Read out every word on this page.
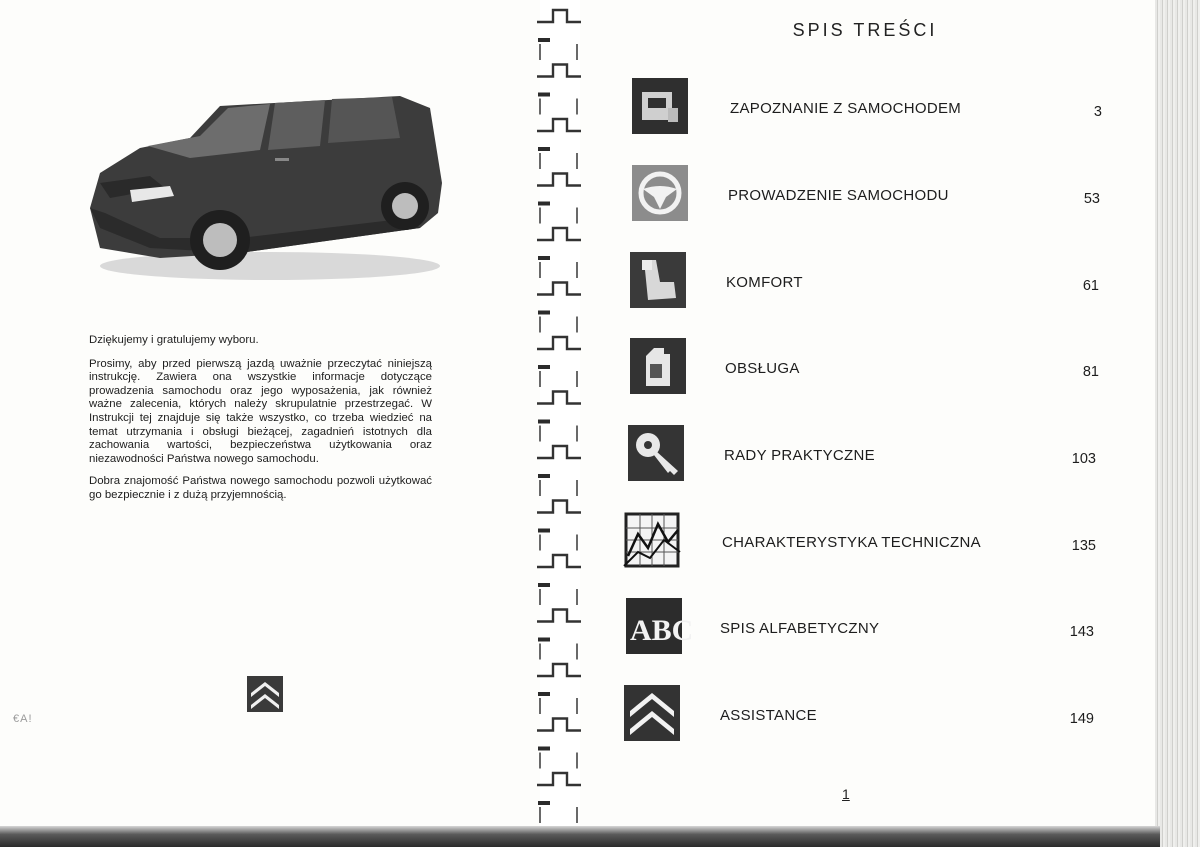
Dziękujemy i gratulujemy wyboru.

Prosimy, aby przed pierwszą jazdą uważnie przeczytać niniejszą instrukcję. Zawiera ona wszystkie informacje dotyczące prowadzenia samochodu oraz jego wyposażenia, jak również ważne zalecenia, których należy skrupulatnie przestrzegać. W Instrukcji tej znajduje się także wszystko, co trzeba wiedzieć na temat utrzymania i obsługi bieżącej, zagadnień istotnych dla zachowania wartości, bezpieczeństwa użytkowania oraz niezawodności Państwa nowego samochodu.

Dobra znajomość Państwa nowego samochodu pozwoli użytkować go bezpiecznie i z dużą przyjemnością.

€A!
SPIS TREŚCI
ZAPOZNANIE Z SAMOCHODEM	3
PROWADZENIE SAMOCHODU	53
KOMFORT	61
OBSŁUGA	81
RADY PRAKTYCZNE	103
CHARAKTERYSTYKA TECHNICZNA	135
ABC SPIS ALFABETYCZNY	143
ASSISTANCE	149
1
